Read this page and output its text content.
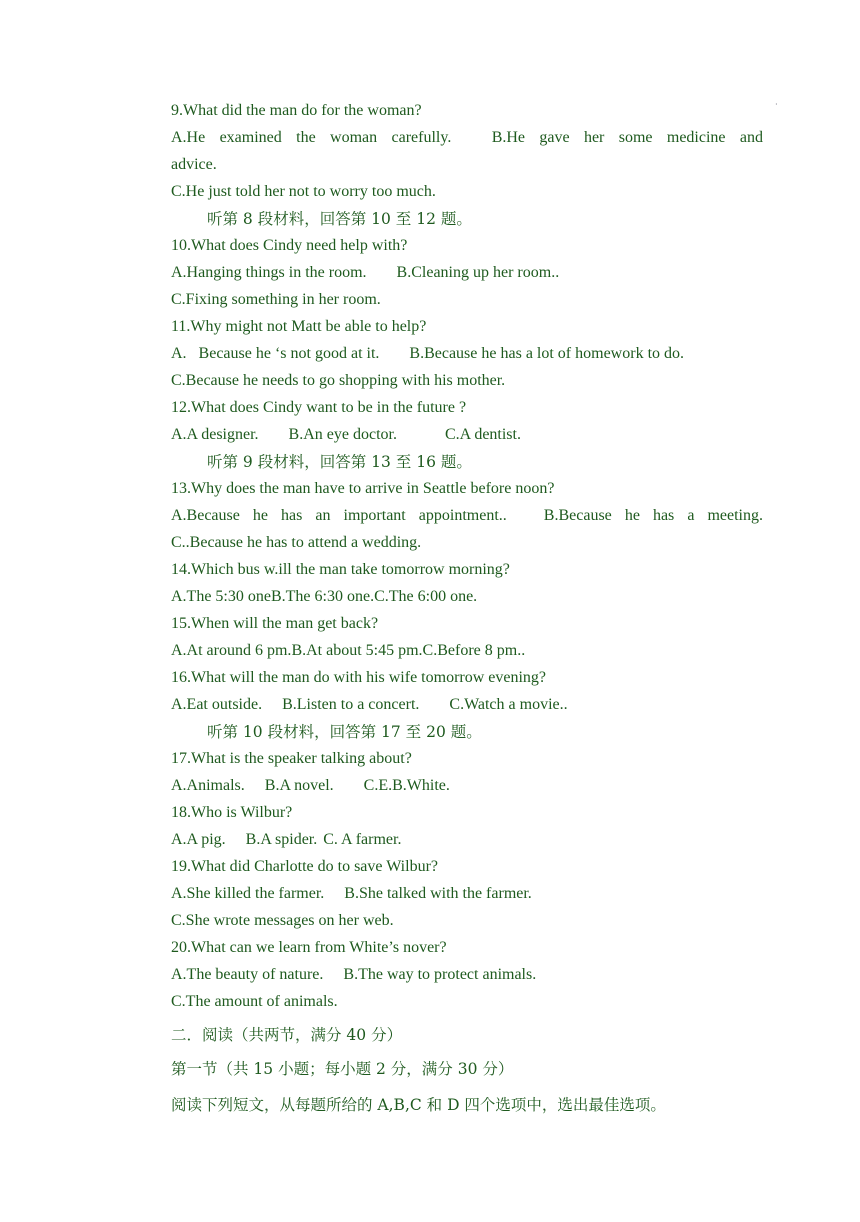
·
9.What did the man do for the woman?
A.He examined the woman carefully.	B.He gave her some medicine and
advice.
C.He just told her not to worry too much.
听第 8 段材料，回答第 10 至 12 题。
10.What does Cindy need help with?
A.Hanging things in the room. B.Cleaning up her room..
C.Fixing something in her room.
11.Why might not Matt be able to help?
A.   Because he ‘s not good at it. B.Because he has a lot of homework to do.
C.Because he needs to go shopping with his mother.
12.What does Cindy want to be in the future ?
A.A designer. B.An eye doctor.	C.A dentist.
听第 9 段材料，回答第 13 至 16 题。
13.Why does the man have to arrive in Seattle before noon?
A.Because he has an important appointment.. B.Because he has a meeting.
C..Because he has to attend a wedding.
14.Which bus w.ill the man take tomorrow morning?
A.The 5:30 oneB.The 6:30 one.C.The 6:00 one.
15.When will the man get back?
A.At around 6 pm.B.At about 5:45 pm.C.Before 8 pm..
16.What will the man do with his wife tomorrow evening?
A.Eat outside. B.Listen to a concert. C.Watch a movie..
听第 10 段材料，回答第 17 至 20 题。
17.What is the speaker talking about?
A.Animals. B.A novel. C.E.B.White.
18.Who is Wilbur?
A.A pig. B.A spider. C. A farmer.
19.What did Charlotte do to save Wilbur?
A.She killed the farmer. B.She talked with the farmer.
C.She wrote messages on her web.
20.What can we learn from White’s nover?
A.The beauty of nature. B.The way to protect animals.
C.The amount of animals.
二．阅读（共两节，满分 40 分）
第一节（共 15 小题；每小题 2 分，满分 30 分）
阅读下列短文，从每题所给的 A,B,C 和 D 四个选项中，选出最佳选项。
